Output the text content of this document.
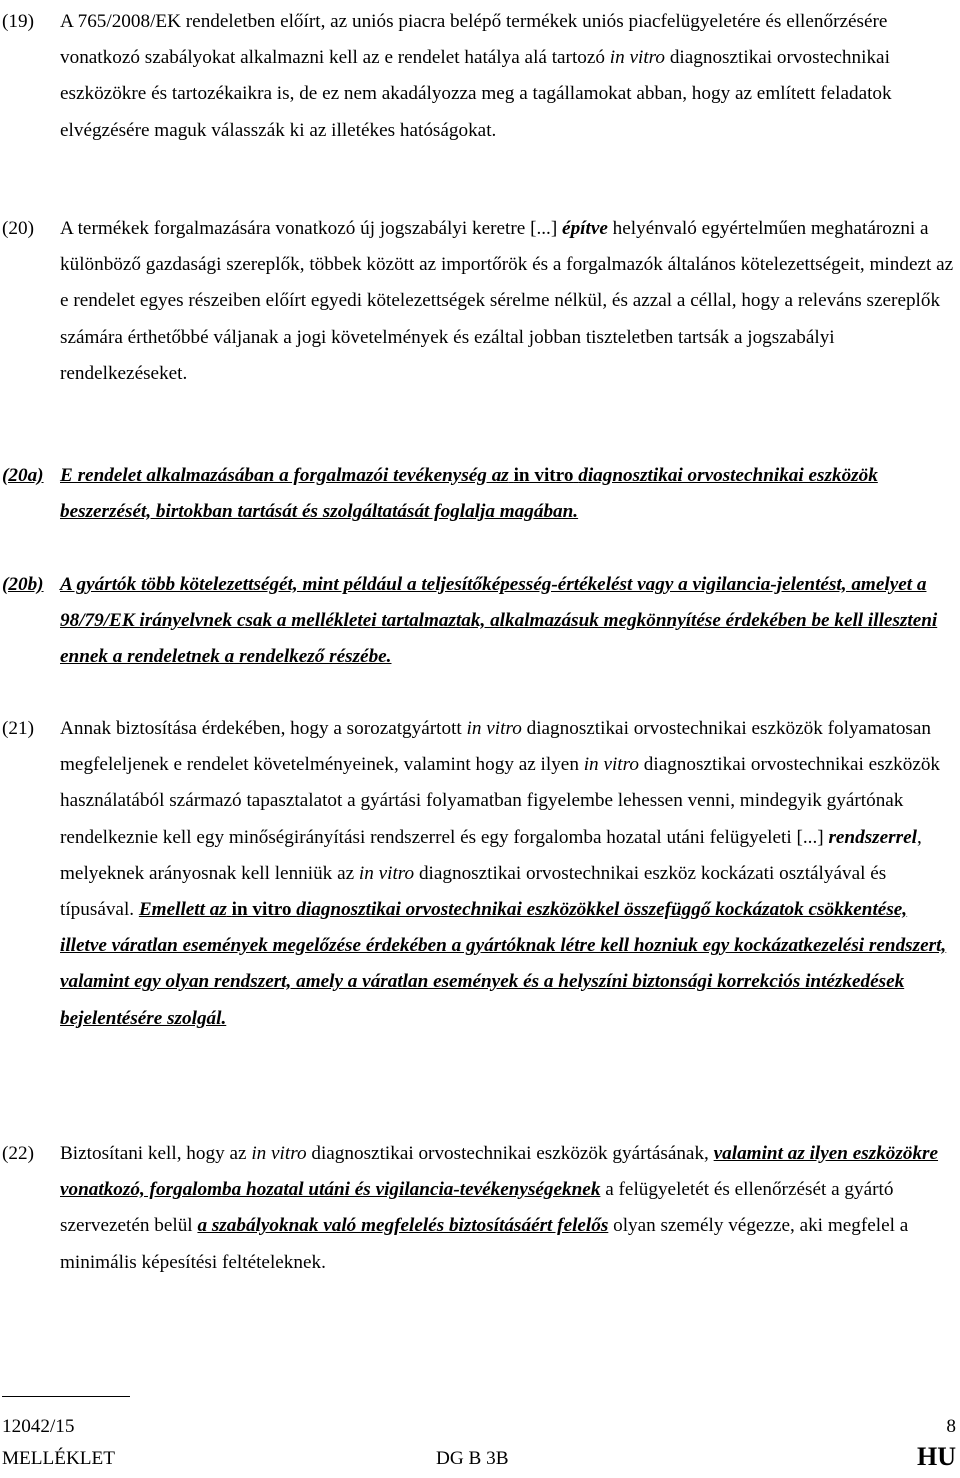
(19) A 765/2008/EK rendeletben előírt, az uniós piacra belépő termékek uniós piacfelügyeletére és ellenőrzésére vonatkozó szabályokat alkalmazni kell az e rendelet hatálya alá tartozó in vitro diagnosztikai orvostechnikai eszközökre és tartozékaikra is, de ez nem akadályozza meg a tagállamokat abban, hogy az említett feladatok elvégzésére maguk válasszák ki az illetékes hatóságokat.
(20) A termékek forgalmazására vonatkozó új jogszabályi keretre [...] építve helyénvaló egyértelműen meghatározni a különböző gazdasági szereplők, többek között az importőrök és a forgalmazók általános kötelezettségeit, mindezt az e rendelet egyes részeiben előírt egyedi kötelezettségek sérelme nélkül, és azzal a céllal, hogy a releváns szereplők számára érthetőbbé váljanak a jogi követelmények és ezáltal jobban tiszteletben tartsák a jogszabályi rendelkezéseket.
(20a) E rendelet alkalmazásában a forgalmazói tevékenység az in vitro diagnosztikai orvostechnikai eszközök beszerzését, birtokban tartását és szolgáltatását foglalja magában.
(20b) A gyártók több kötelezettségét, mint például a teljesítőképesség-értékelést vagy a vigilancia-jelentést, amelyet a 98/79/EK irányelvnek csak a mellékletei tartalmaztak, alkalmazásuk megkönnyítése érdekében be kell illeszteni ennek a rendeletnek a rendelkező részébe.
(21) Annak biztosítása érdekében, hogy a sorozatgyártott in vitro diagnosztikai orvostechnikai eszközök folyamatosan megfeleljenek e rendelet követelményeinek, valamint hogy az ilyen in vitro diagnosztikai orvostechnikai eszközök használatából származó tapasztalatot a gyártási folyamatban figyelembe lehessen venni, mindegyik gyártónak rendelkeznie kell egy minőségirányítási rendszerrel és egy forgalomba hozatal utáni felügyeleti [...] rendszerrel, melyeknek arányosnak kell lenniük az in vitro diagnosztikai orvostechnikai eszköz kockázati osztályával és típusával. Emellett az in vitro diagnosztikai orvostechnikai eszközökkel összefüggő kockázatok csökkentése, illetve váratlan események megelőzése érdekében a gyártóknak létre kell hozniuk egy kockázatkezelési rendszert, valamint egy olyan rendszert, amely a váratlan események és a helyszíni biztonsági korrekciós intézkedések bejelentésére szolgál.
(22) Biztosítani kell, hogy az in vitro diagnosztikai orvostechnikai eszközök gyártásának, valamint az ilyen eszközökre vonatkozó, forgalomba hozatal utáni és vigilancia-tevékenységeknek a felügyeletét és ellenőrzését a gyártó szervezetén belül a szabályoknak való megfelelés biztosításáért felelős olyan személy végezze, aki megfelel a minimális képesítési feltételeknek.
12042/15	8
MELLÉKLET	DG B 3B	HU
